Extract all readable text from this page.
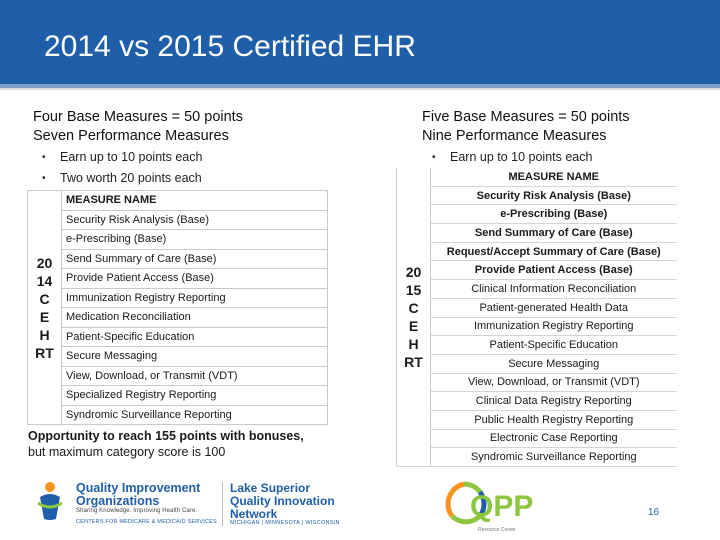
2014 vs 2015 Certified EHR
Four Base Measures = 50 points
Seven Performance Measures
• Earn up to 10 points each
• Two worth 20 points each
20
14
C
E
H
RT
	MEASURE NAME
Security Risk Analysis (Base)
e-Prescribing (Base)
Send Summary of Care (Base)
Provide Patient Access (Base)
Immunization Registry Reporting
Medication Reconciliation
Patient-Specific Education
Secure Messaging
View, Download, or Transmit (VDT)
Specialized Registry Reporting
Syndromic Surveillance Reporting
Opportunity to reach 155 points with bonuses,
but maximum category score is 100
Five Base Measures = 50 points
Nine Performance Measures
• Earn up to 10 points each
20
15
C
E
H
RT
	MEASURE NAME
Security Risk Analysis (Base)
e-Prescribing (Base)
Send Summary of Care (Base)
Request/Accept Summary of Care (Base)
Provide Patient Access (Base)
Clinical Information Reconciliation
Patient-generated Health Data
Immunization Registry Reporting
Patient-Specific Education
Secure Messaging
View, Download, or Transmit (VDT)
Clinical Data Registry Reporting
Public Health Registry Reporting
Electronic Case Reporting
Syndromic Surveillance Reporting
Quality Improvement
Organizations
Sharing Knowledge. Improving Health Care.
CENTERS FOR MEDICARE & MEDICAID SERVICES
Lake Superior
Quality Innovation
Network
MICHIGAN | MINNESOTA | WISCONSIN	QPP
Resource Center
16
